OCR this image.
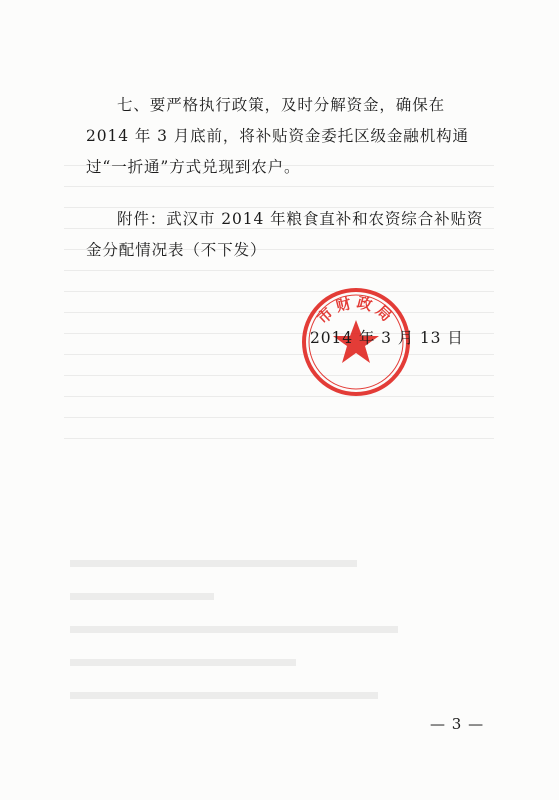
七、要严格执行政策，及时分解资金，确保在 2014 年 3 月底前，将补贴资金委托区级金融机构通过“一折通”方式兑现到农户。

附件：武汉市 2014 年粮食直补和农资综合补贴资金分配情况表（不下发）

市财政局
2014 年 3 月 13 日
— 3 —
